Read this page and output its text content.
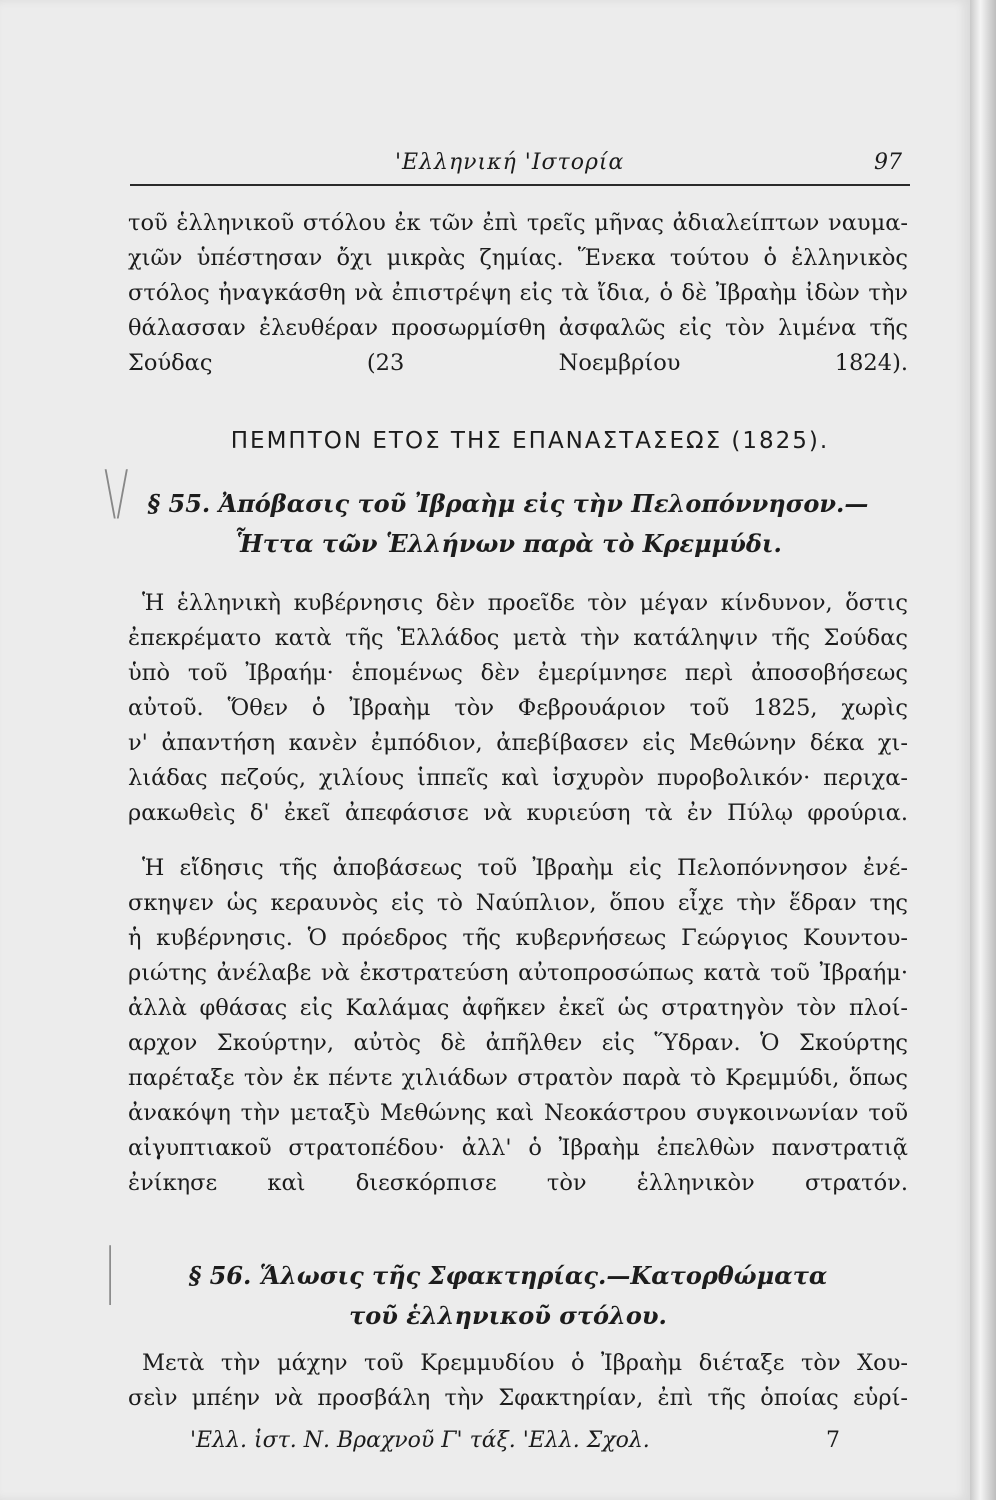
'Ελληνική 'Ιστορία	97

τοῦ ἑλληνικοῦ στόλου ἐκ τῶν ἐπὶ τρεῖς μῆνας ἀδιαλείπτων ναυμα-
χιῶν ὑπέστησαν ὄχι μικρὰς ζημίας. Ἕνεκα τούτου ὁ ἑλληνικὸς
στόλος ἠναγκάσθη νὰ ἐπιστρέψη εἰς τὰ ἴδια, ὁ δὲ Ἰβραὴμ ἰδὼν τὴν
θάλασσαν ἐλευθέραν προσωρμίσθη ἀσφαλῶς εἰς τὸν λιμένα τῆς
Σούδας (23 Νοεμβρίου 1824).

ΠΕΜΠΤΟΝ ΕΤΟΣ ΤΗΣ ΕΠΑΝΑΣΤΑΣΕΩΣ (1825).
\/ § 55. Ἀπόβασις τοῦ Ἰβραὴμ εἰς τὴν Πελοπόννησον.—
Ἧττα τῶν Ἑλλήνων παρὰ τὸ Κρεμμύδι.

Ἡ ἑλληνικὴ κυβέρνησις δὲν προεῖδε τὸν μέγαν κίνδυνον, ὅστις
ἐπεκρέματο κατὰ τῆς Ἑλλάδος μετὰ τὴν κατάληψιν τῆς Σούδας
ὑπὸ τοῦ Ἰβραήμ· ἑπομένως δὲν ἐμερίμνησε περὶ ἀποσοβήσεως
αὐτοῦ. Ὅθεν ὁ Ἰβραὴμ τὸν Φεβρουάριον τοῦ 1825, χωρὶς
ν' ἀπαντήση κανὲν ἐμπόδιον, ἀπεβίβασεν εἰς Μεθώνην δέκα χι-
λιάδας πεζούς, χιλίους ἱππεῖς καὶ ἰσχυρὸν πυροβολικόν· περιχα-
ρακωθεὶς δ' ἐκεῖ ἀπεφάσισε νὰ κυριεύση τὰ ἐν Πύλῳ φρούρια.

Ἡ εἴδησις τῆς ἀποβάσεως τοῦ Ἰβραὴμ εἰς Πελοπόννησον ἐνέ-
σκηψεν ὡς κεραυνὸς εἰς τὸ Ναύπλιον, ὅπου εἶχε τὴν ἕδραν της
ἡ κυβέρνησις. Ὁ πρόεδρος τῆς κυβερνήσεως Γεώργιος Κουντου-
ριώτης ἀνέλαβε νὰ ἐκστρατεύση αὐτοπροσώπως κατὰ τοῦ Ἰβραήμ·
ἀλλὰ φθάσας εἰς Καλάμας ἀφῆκεν ἐκεῖ ὡς στρατηγὸν τὸν πλοί-
αρχον Σκούρτην, αὐτὸς δὲ ἀπῆλθεν εἰς Ὕδραν. Ὁ Σκούρτης
παρέταξε τὸν ἐκ πέντε χιλιάδων στρατὸν παρὰ τὸ Κρεμμύδι, ὅπως
ἀνακόψη τὴν μεταξὺ Μεθώνης καὶ Νεοκάστρου συγκοινωνίαν τοῦ
αἰγυπτιακοῦ στρατοπέδου· ἀλλ' ὁ Ἰβραὴμ ἐπελθὼν πανστρατιᾷ
ἐνίκησε καὶ διεσκόρπισε τὸν ἑλληνικὸν στρατόν.

|	§ 56. Ἅλωσις τῆς Σφακτηρίας.—Κατορθώματα
τοῦ ἑλληνικοῦ στόλου.

Μετὰ τὴν μάχην τοῦ Κρεμμυδίου ὁ Ἰβραὴμ διέταξε τὸν Χου-
σεὶν μπέην νὰ προσβάλη τὴν Σφακτηρίαν, ἐπὶ τῆς ὁποίας εὑρί-

'Ελλ. ἱστ. Ν. Βραχνοῦ Γ' τάξ. 'Ελλ. Σχολ.	7
